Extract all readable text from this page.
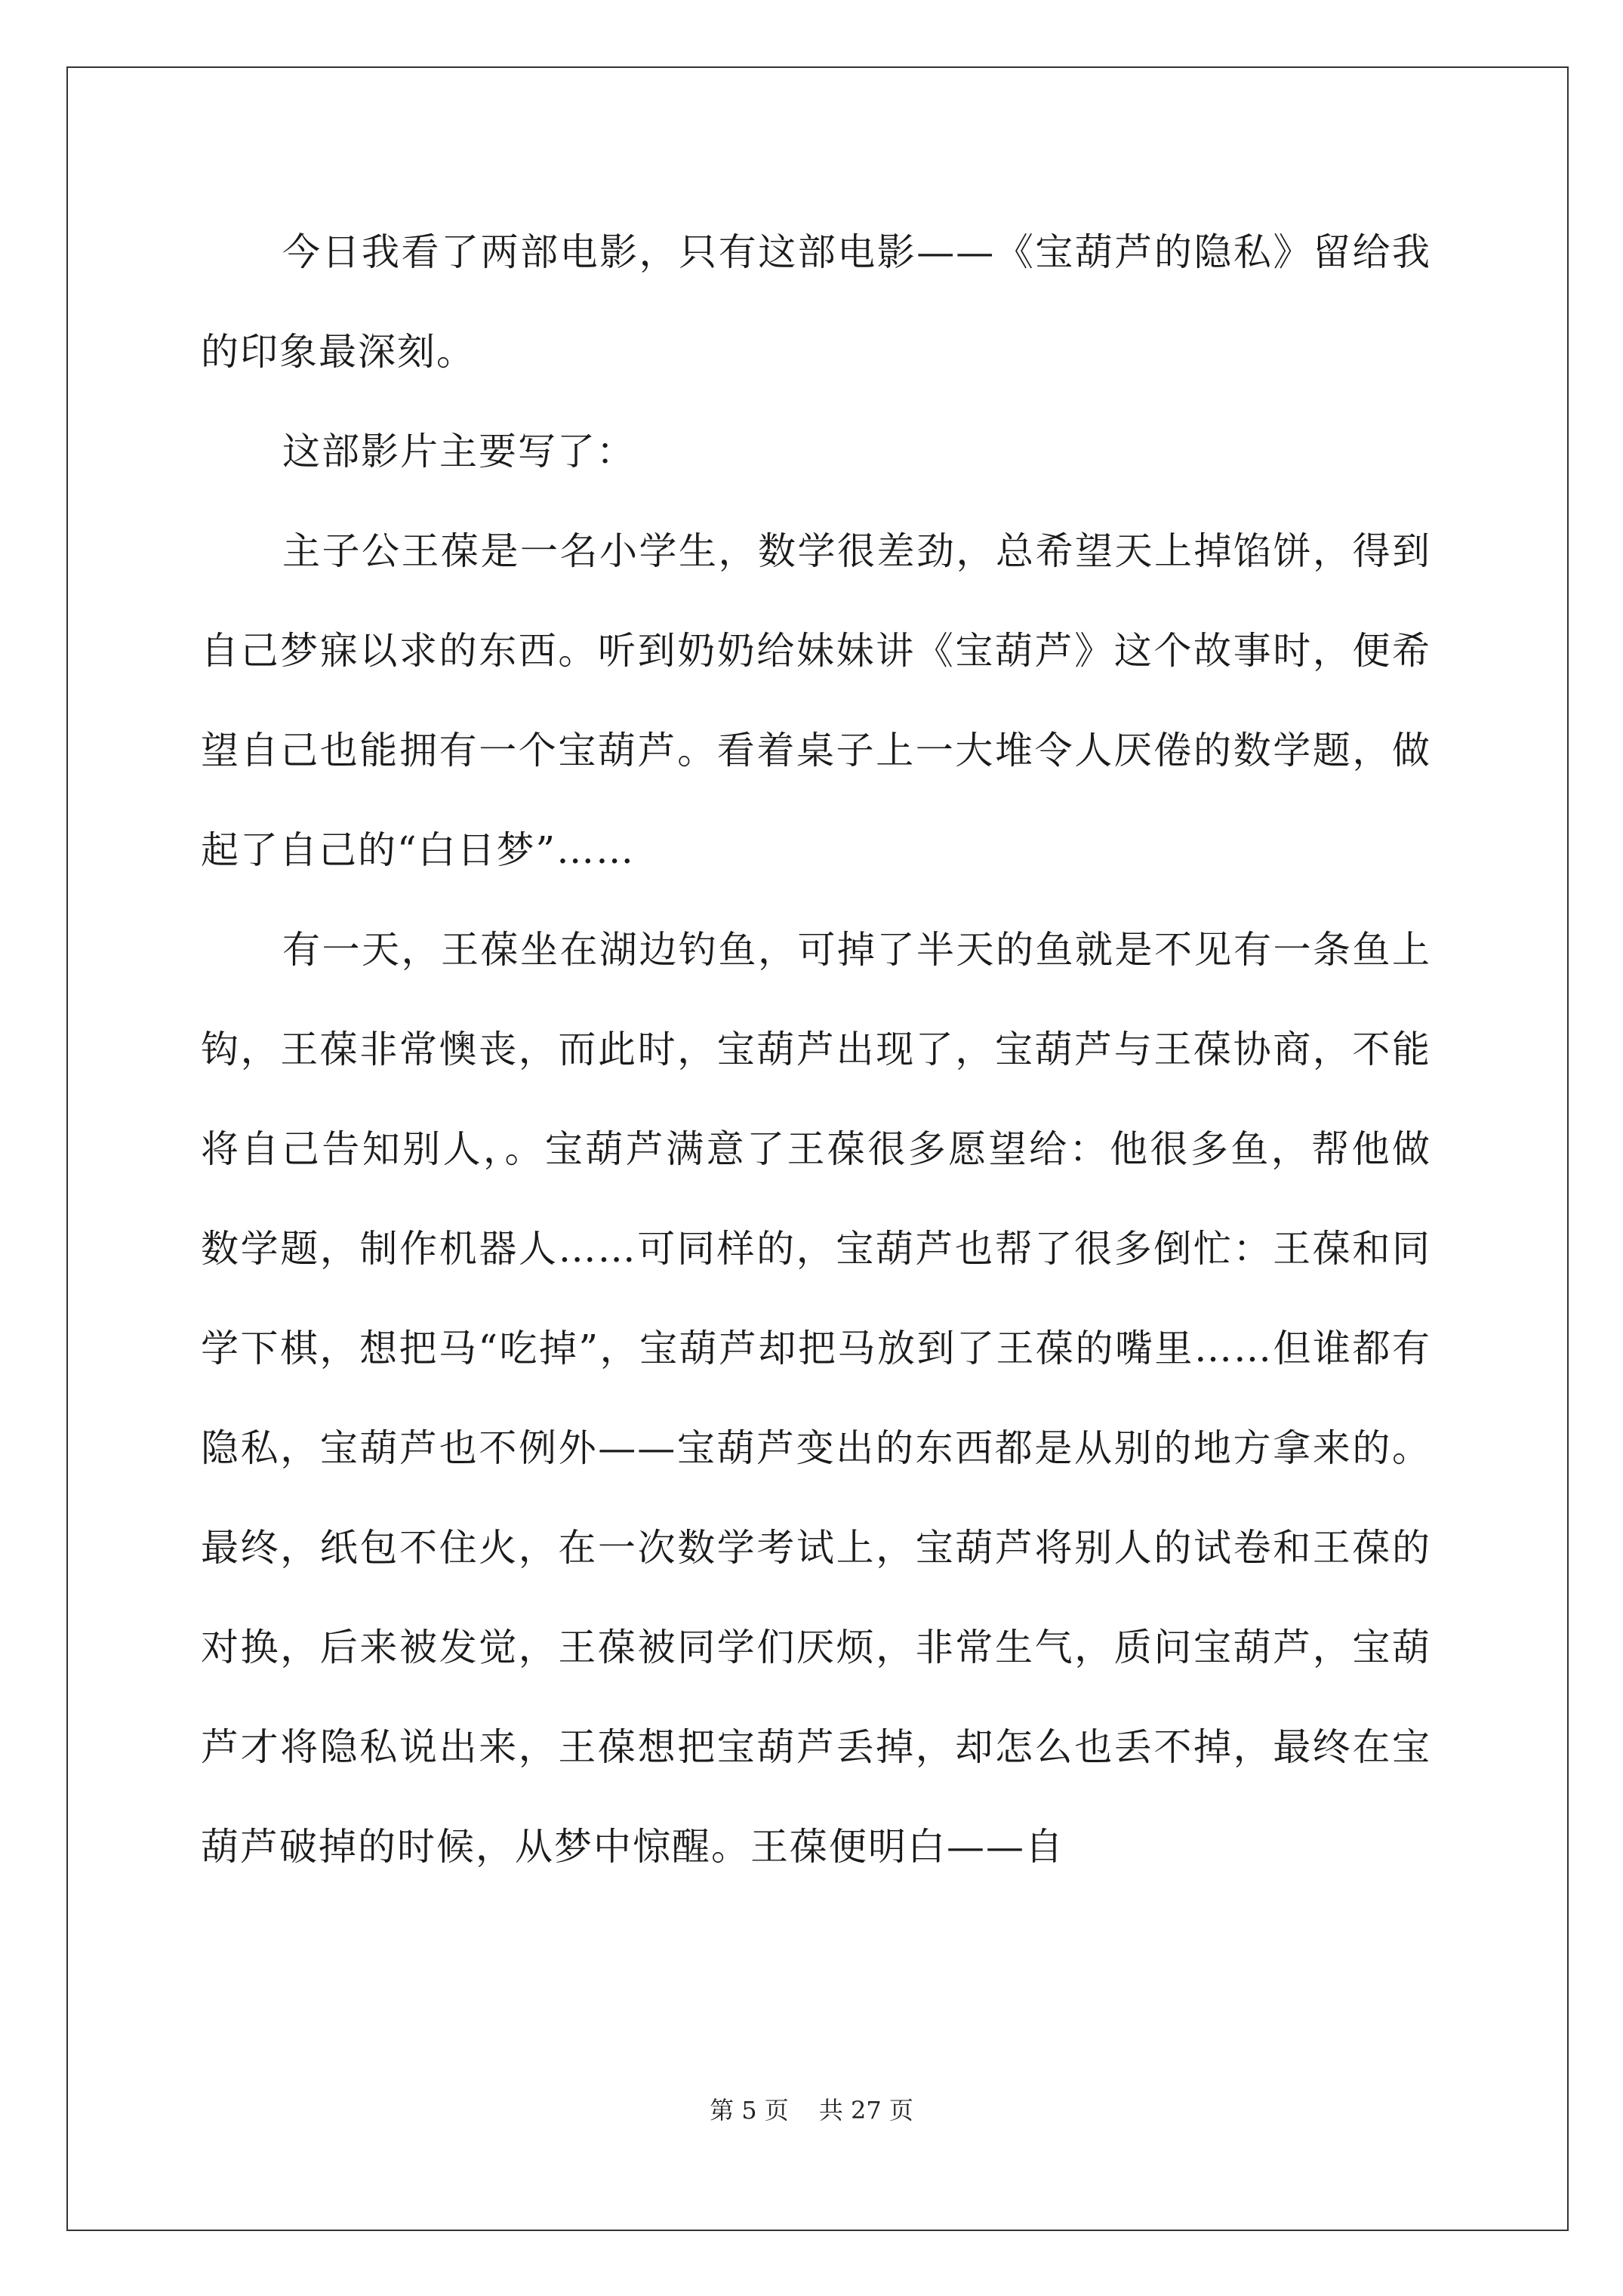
今日我看了两部电影，只有这部电影——《宝葫芦的隐私》留给我的印象最深刻。

这部影片主要写了：

主子公王葆是一名小学生，数学很差劲，总希望天上掉馅饼，得到自己梦寐以求的东西。听到奶奶给妹妹讲《宝葫芦》这个故事时，便希望自己也能拥有一个宝葫芦。看着桌子上一大堆令人厌倦的数学题，做起了自己的“白日梦”……

有一天，王葆坐在湖边钓鱼，可掉了半天的鱼就是不见有一条鱼上钩，王葆非常懊丧，而此时，宝葫芦出现了，宝葫芦与王葆协商，不能将自己告知别人，。宝葫芦满意了王葆很多愿望给：他很多鱼，帮他做数学题，制作机器人……可同样的，宝葫芦也帮了很多倒忙：王葆和同学下棋，想把马“吃掉”，宝葫芦却把马放到了王葆的嘴里……但谁都有隐私，宝葫芦也不例外——宝葫芦变出的东西都是从别的地方拿来的。最终，纸包不住火，在一次数学考试上，宝葫芦将别人的试卷和王葆的对换，后来被发觉，王葆被同学们厌烦，非常生气，质问宝葫芦，宝葫芦才将隐私说出来，王葆想把宝葫芦丢掉，却怎么也丢不掉，最终在宝葫芦破掉的时候，从梦中惊醒。王葆便明白——自

第 5 页 共 27 页
